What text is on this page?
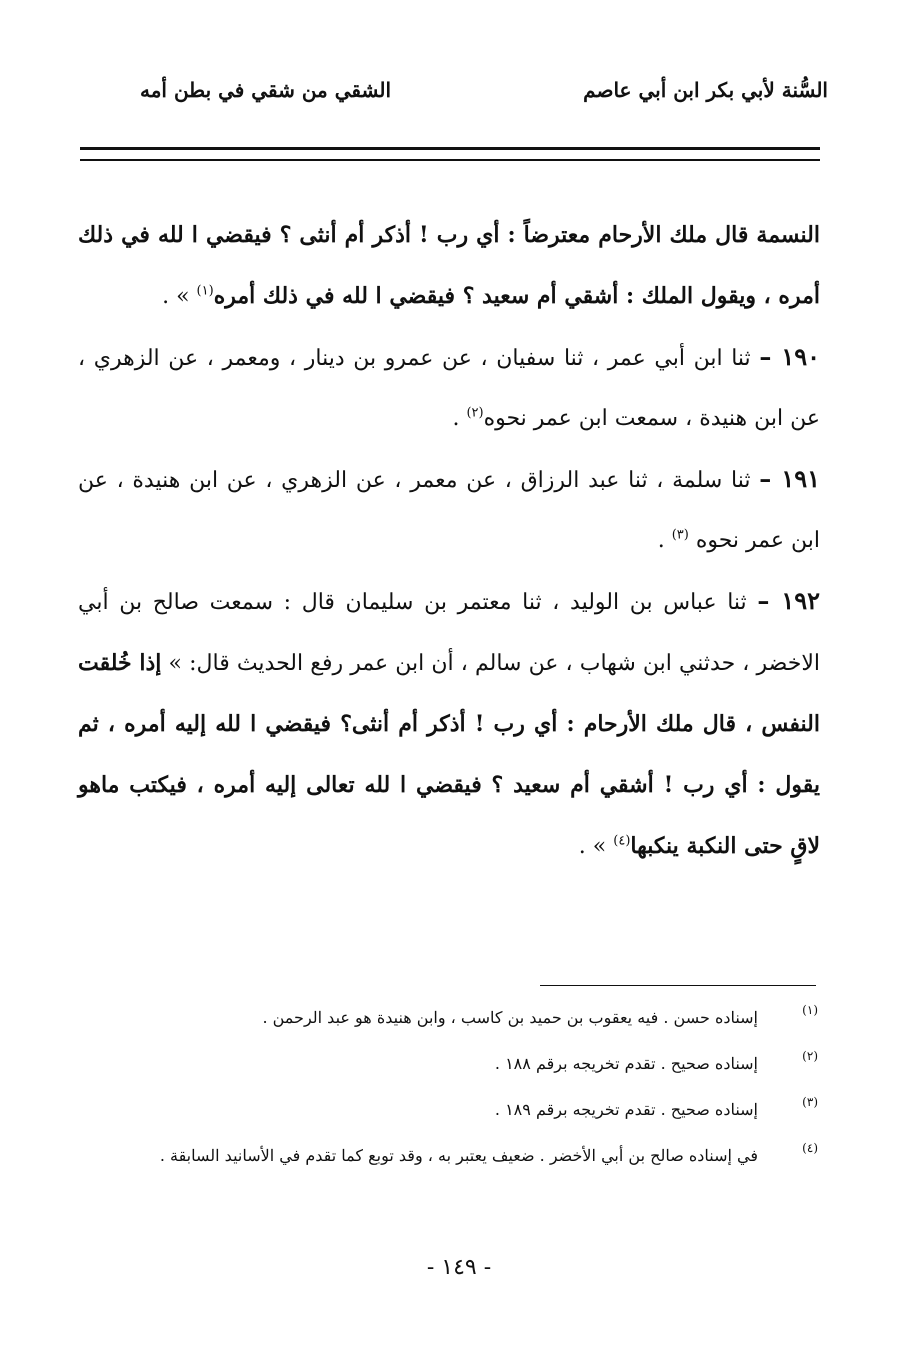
السُّنة لأبي بكر ابن أبي عاصم
الشقي من شقي في بطن أمه

النسمة قال ملك الأرحام معترضاً : أي رب ! أذكر أم أنثى ؟ فيقضي ا لله في ذلك أمره ، ويقول الملك : أشقي أم سعيد ؟ فيقضي ا لله في ذلك أمره$^{(١)}$ » .

١٩٠ – ثنا ابن أبي عمر ، ثنا سفيان ، عن عمرو بن دينار ، ومعمر ، عن الزهري ، عن ابن هنيدة ، سمعت ابن عمر نحوه$^{(٢)}$ .

١٩١ – ثنا سلمة ، ثنا عبد الرزاق ، عن معمر ، عن الزهري ، عن ابن هنيدة ، عن ابن عمر نحوه $^{(٣)}$ .

١٩٢ – ثنا عباس بن الوليد ، ثنا معتمر بن سليمان قال : سمعت صالح بن أبي الاخضر ، حدثني ابن شهاب ، عن سالم ، أن ابن عمر رفع الحديث قال: » إذا خُلقت النفس ، قال ملك الأرحام : أي رب ! أذكر أم أنثى؟ فيقضي ا لله إليه أمره ، ثم يقول : أي رب ! أشقي أم سعيد ؟ فيقضي ا لله تعالى إليه أمره ، فيكتب ماهو لاقٍ حتى النكبة ينكبها$^{(٤)}$ » .

(١)
إسناده حسن . فيه يعقوب بن حميد بن كاسب ، وابن هنيدة هو عبد الرحمن .
(٢)
إسناده صحيح . تقدم تخريجه برقم ١٨٨ .
(٣)
إسناده صحيح . تقدم تخريجه برقم ١٨٩ .
(٤)
في إسناده صالح بن أبي الأخضر . ضعيف يعتبر به ، وقد توبع كما تقدم في الأسانيد السابقة .
- ١٤٩ -
